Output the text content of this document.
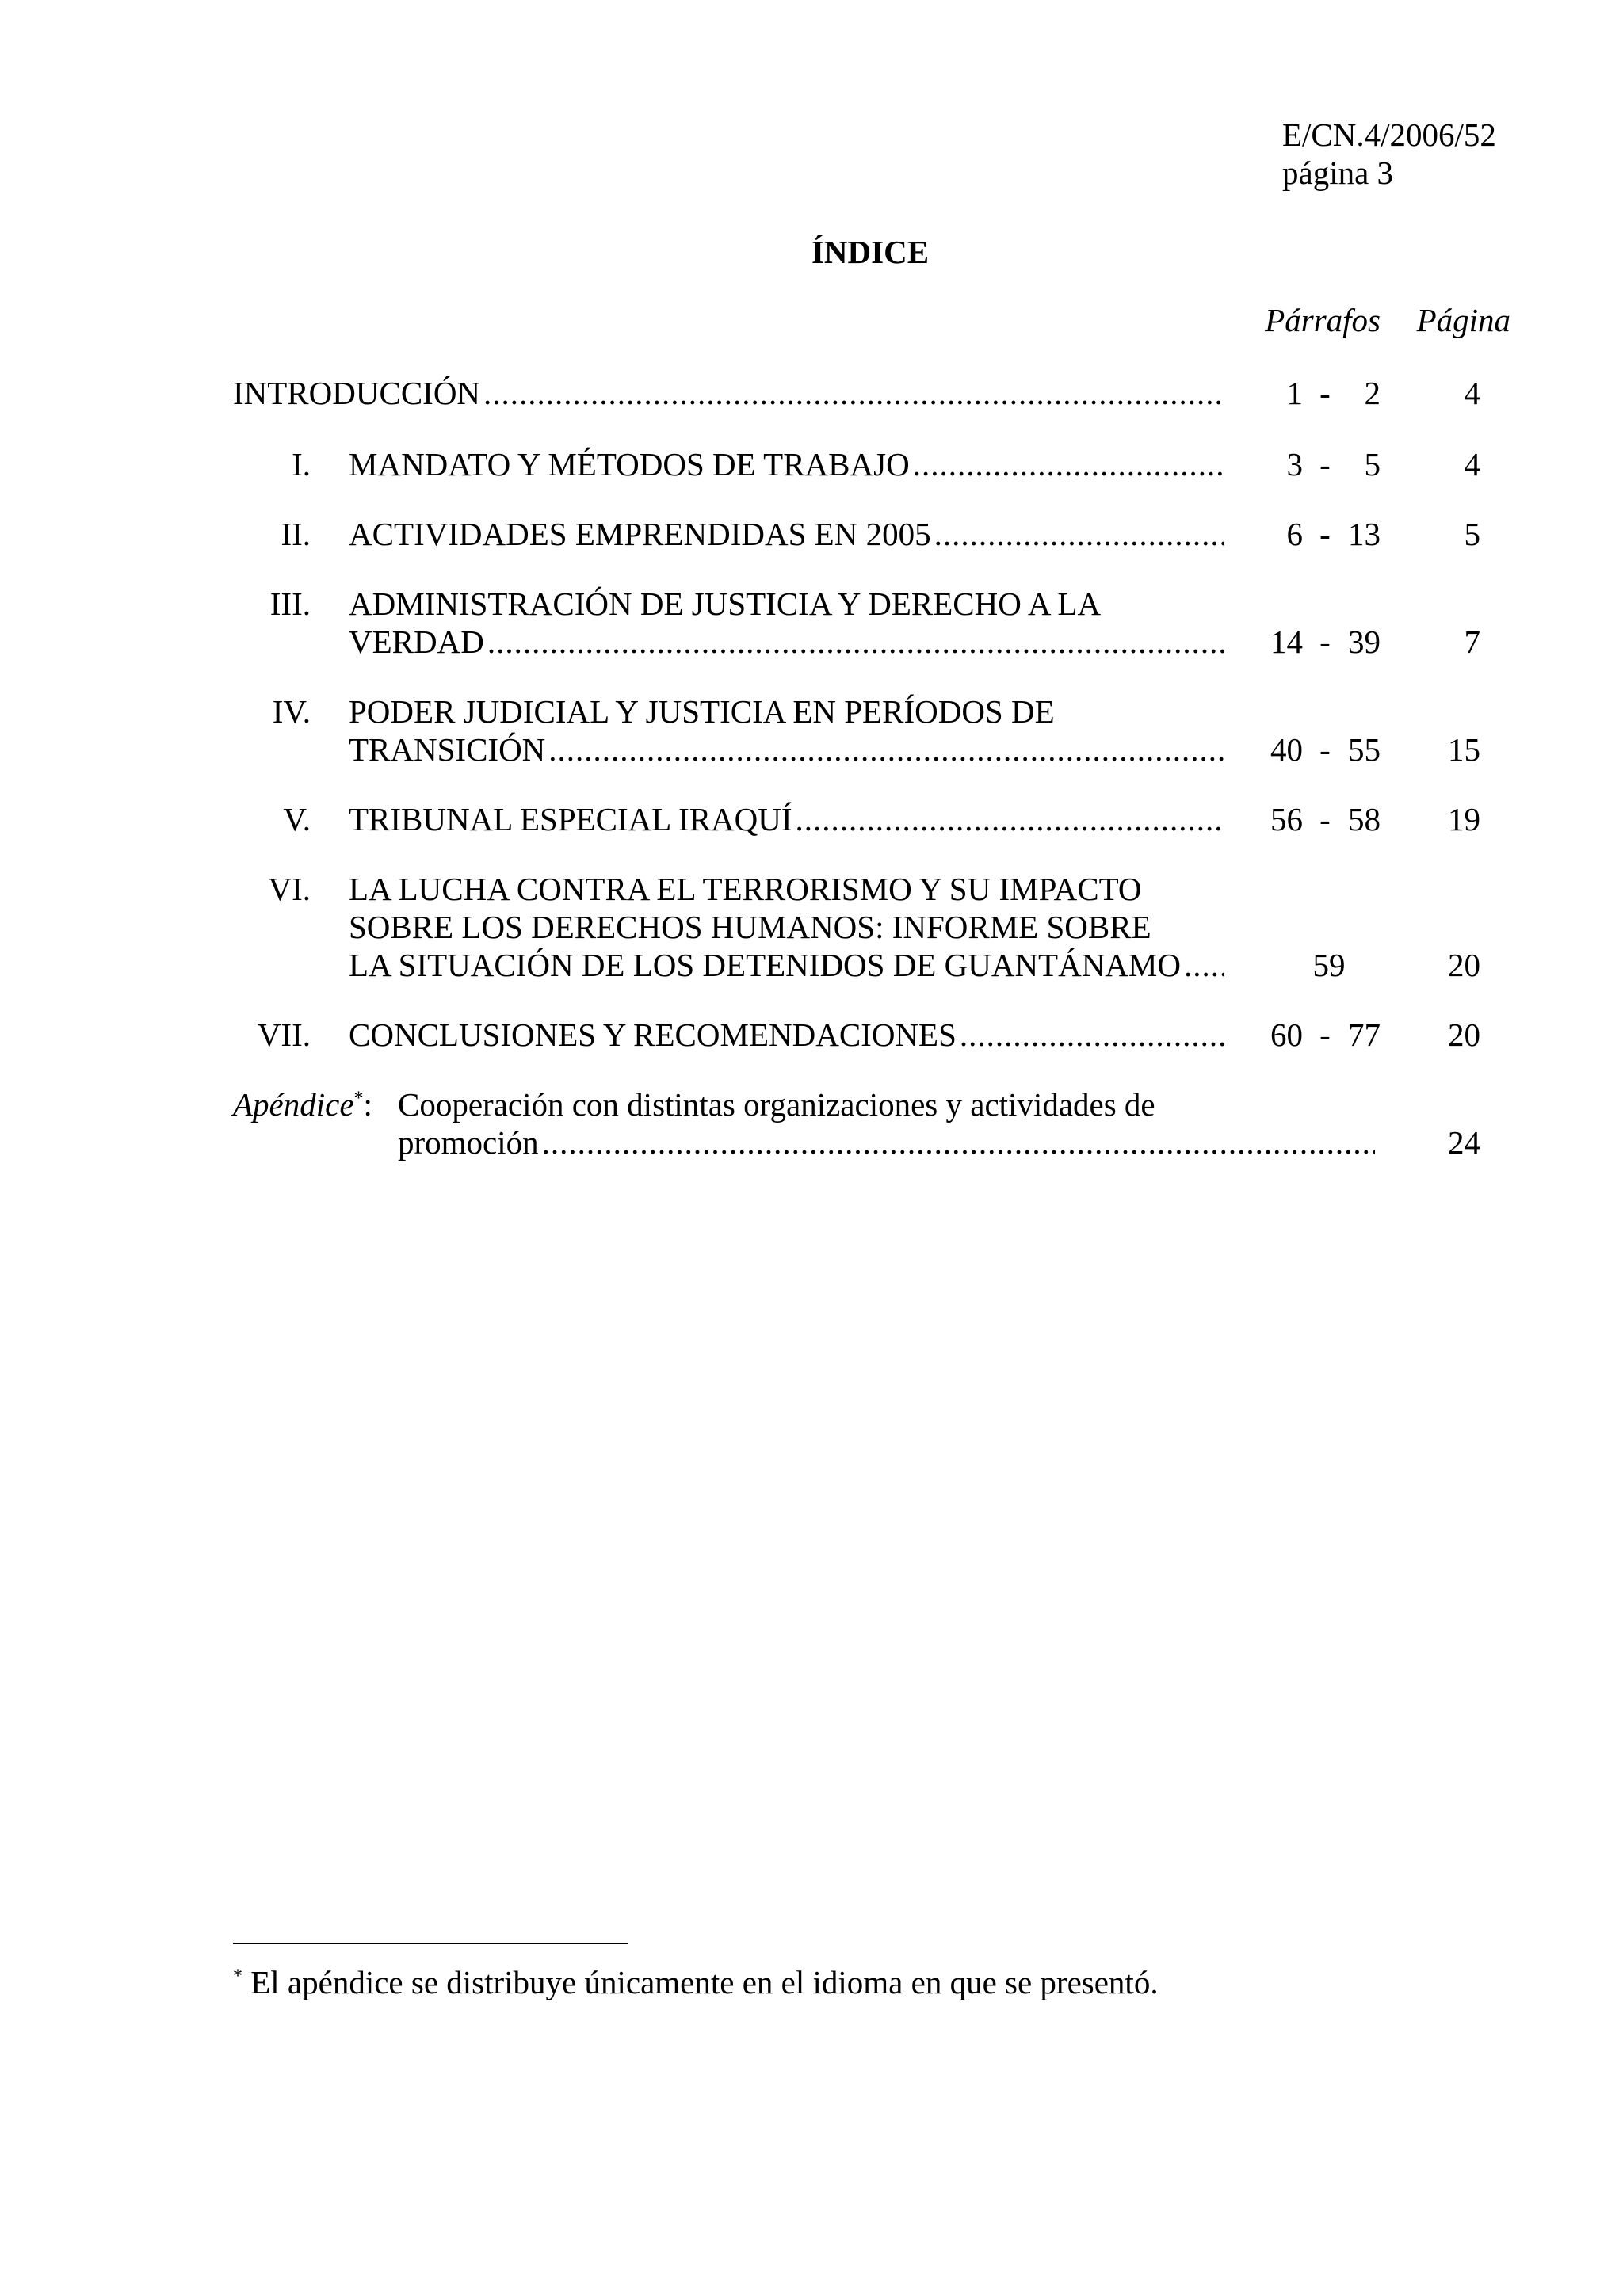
E/CN.4/2006/52
página 3
ÍNDICE
Párrafos Página
INTRODUCCIÓN .....	1 -	2	4
I. MANDATO Y MÉTODOS DE TRABAJO .....	3 -	5	4
II. ACTIVIDADES EMPRENDIDAS EN 2005 .....	6 - 13	5
III. ADMINISTRACIÓN DE JUSTICIA Y DERECHO A LA
VERDAD .....	14 - 39	7
IV. PODER JUDICIAL Y JUSTICIA EN PERÍODOS DE
TRANSICIÓN .....	40 - 55	15
V. TRIBUNAL ESPECIAL IRAQUÍ .....	56 - 58	19
VI. LA LUCHA CONTRA EL TERRORISMO Y SU IMPACTO
SOBRE LOS DERECHOS HUMANOS: INFORME SOBRE
LA SITUACIÓN DE LOS DETENIDOS DE GUANTÁNAMO .....	59	20
VII. CONCLUSIONES Y RECOMENDACIONES .....	60 - 77	20
Apéndice*: Cooperación con distintas organizaciones y actividades de
promoción .....	24
* El apéndice se distribuye únicamente en el idioma en que se presentó.
